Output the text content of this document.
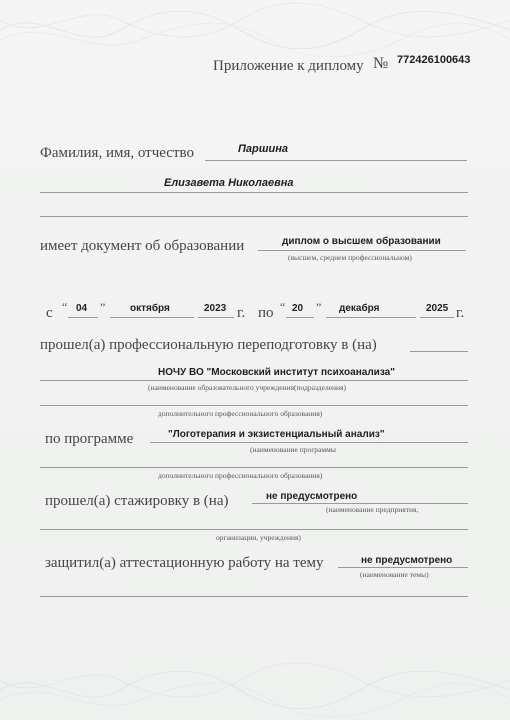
Приложение к диплому № 772426100643
Фамилия, имя, отчество	Паршина
Елизавета Николаевна
имеет документ об образовании	диплом о высшем образовании
(высшем, среднем профессиональном)
с “ 04 ” октября	2023 г. по “ 20 ” декабря	2025 г.
прошел(а) профессиональную переподготовку в (на)
НОЧУ ВО "Московский институт психоанализа"
(наименование образовательного учреждения(подразделения)
дополнительного профессионального образования)
по программе	"Логотерапия и экзистенциальный анализ"
(наименование программы
дополнительного профессионального образования)
прошел(а) стажировку в (на)	не предусмотрено
(наименование предприятия,
организации, учреждения)
защитил(а) аттестационную работу на тему	не предусмотрено
(наименование темы)
